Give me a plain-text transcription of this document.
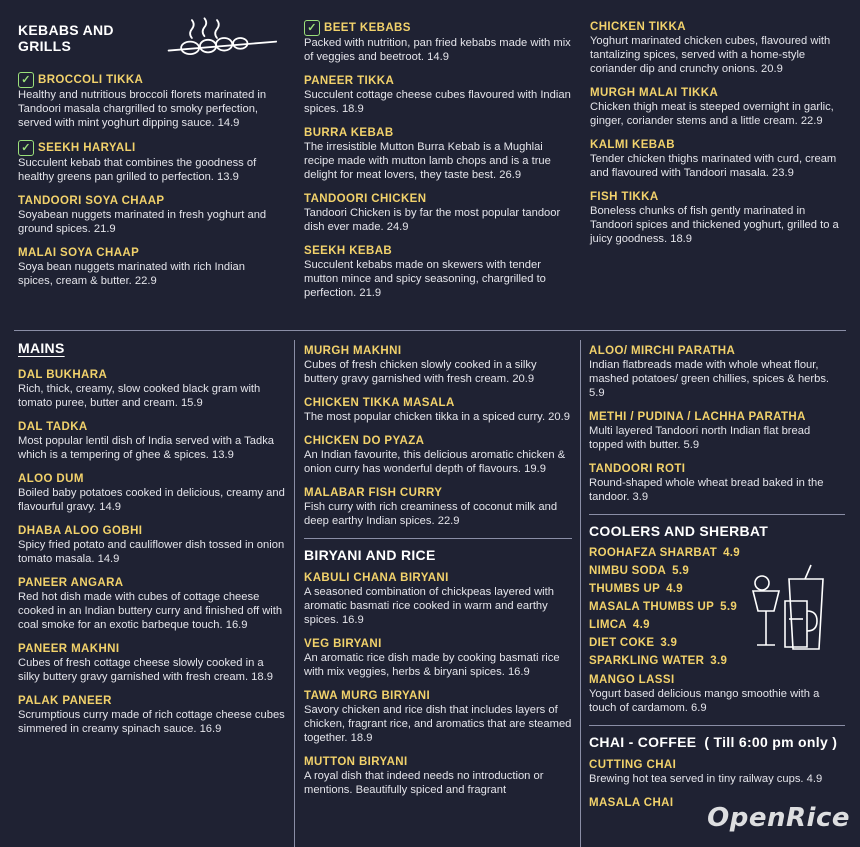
KEBABS AND GRILLS
✓ BROCCOLI TIKKA
Healthy and nutritious broccoli florets marinated in Tandoori masala chargrilled to smoky perfection, served with mint yoghurt dipping sauce. 14.9
✓ SEEKH HARYALI
Succulent kebab that combines the goodness of healthy greens pan grilled to perfection. 13.9
TANDOORI SOYA CHAAP
Soyabean nuggets marinated in fresh yoghurt and ground spices. 21.9
MALAI SOYA CHAAP
Soya bean nuggets marinated with rich Indian spices, cream & butter. 22.9
✓ BEET KEBABS
Packed with nutrition, pan fried kebabs made with mix of veggies and beetroot. 14.9
PANEER TIKKA
Succulent cottage cheese cubes flavoured with Indian spices. 18.9
BURRA KEBAB
The irresistible Mutton Burra Kebab is a Mughlai recipe made with mutton lamb chops and is a true delight for meat lovers, they taste best. 26.9
TANDOORI CHICKEN
Tandoori Chicken is by far the most popular tandoor dish ever made. 24.9
SEEKH KEBAB
Succulent kebabs made on skewers with tender mutton mince and spicy seasoning, chargrilled to perfection. 21.9
CHICKEN TIKKA
Yoghurt marinated chicken cubes, flavoured with tantalizing spices, served with a home-style coriander dip and crunchy onions. 20.9
MURGH MALAI TIKKA
Chicken thigh meat is steeped overnight in garlic, ginger, coriander stems and a little cream. 22.9
KALMI KEBAB
Tender chicken thighs marinated with curd, cream and flavoured with Tandoori masala. 23.9
FISH TIKKA
Boneless chunks of fish gently marinated in Tandoori spices and thickened yoghurt, grilled to a juicy goodness. 18.9
MAINS
DAL BUKHARA
Rich, thick, creamy, slow cooked black gram with tomato puree, butter and cream. 15.9
DAL TADKA
Most popular lentil dish of India served with a Tadka which is a tempering of ghee & spices. 13.9
ALOO DUM
Boiled baby potatoes cooked in delicious, creamy and flavourful gravy. 14.9
DHABA ALOO GOBHI
Spicy fried potato and cauliflower dish tossed in onion tomato masala. 14.9
PANEER ANGARA
Red hot dish made with cubes of cottage cheese cooked in an Indian buttery curry and finished off with coal smoke for an exotic barbeque touch. 16.9
PANEER MAKHNI
Cubes of fresh cottage cheese slowly cooked in a silky buttery gravy garnished with fresh cream. 18.9
PALAK PANEER
Scrumptious curry made of rich cottage cheese cubes simmered in creamy spinach sauce. 16.9
MURGH MAKHNI
Cubes of fresh chicken slowly cooked in a silky buttery gravy garnished with fresh cream. 20.9
CHICKEN TIKKA MASALA
The most popular chicken tikka in a spiced curry. 20.9
CHICKEN DO PYAZA
An Indian favourite, this delicious aromatic chicken & onion curry has wonderful depth of flavours. 19.9
MALABAR FISH CURRY
Fish curry with rich creaminess of coconut milk and deep earthy Indian spices. 22.9
BIRYANI AND RICE
KABULI CHANA BIRYANI
A seasoned combination of chickpeas layered with aromatic basmati rice cooked in warm and earthy spices. 16.9
VEG BIRYANI
An aromatic rice dish made by cooking basmati rice with mix veggies, herbs & biryani spices. 16.9
TAWA MURG BIRYANI
Savory chicken and rice dish that includes layers of chicken, fragrant rice, and aromatics that are steamed together. 18.9
MUTTON BIRYANI
A royal dish that indeed needs no introduction or mentions. Beautifully spiced and fragrant
ALOO/ MIRCHI PARATHA
Indian flatbreads made with whole wheat flour, mashed potatoes/ green chillies, spices & herbs. 5.9
METHI / PUDINA / LACHHA PARATHA
Multi layered Tandoori north Indian flat bread topped with butter. 5.9
TANDOORI ROTI
Round-shaped whole wheat bread baked in the tandoor. 3.9
COOLERS AND SHERBAT
ROOHAFZA SHARBAT 4.9
NIMBU SODA 5.9
THUMBS UP 4.9
MASALA THUMBS UP 5.9
LIMCA 4.9
DIET COKE 3.9
SPARKLING WATER 3.9
MANGO LASSI
Yogurt based delicious mango smoothie with a touch of cardamom. 6.9
CHAI - COFFEE ( Till 6:00 pm only )
CUTTING CHAI
Brewing hot tea served in tiny railway cups. 4.9
MASALA CHAI OpenRice
